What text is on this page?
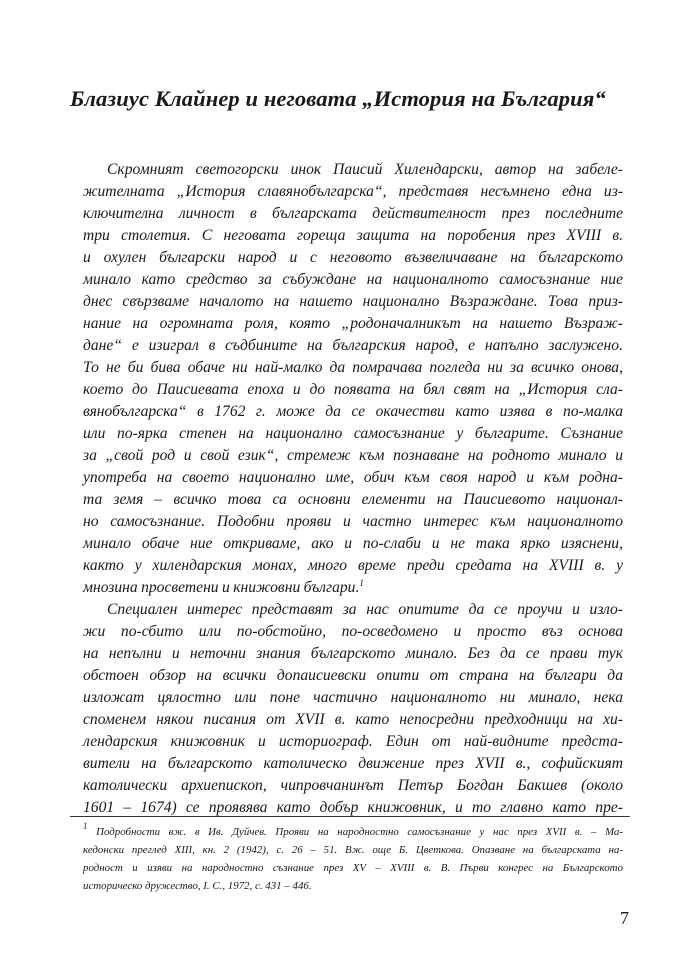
Блазиус Клайнер и неговата „История на България“
Скромният светогорски инок Паисий Хилендарски, автор на забеле-
жителната „История славянобългарска“, представя несъмнено една из-
ключителна личност в българската действителност през последните
три столетия. С неговата гореща защита на поробения през XVIII в.
и охулен български народ и с неговото възвеличаване на българското
минало като средство за събуждане на националното самосъзнание ние
днес свързваме началото на нашето национално Възраждане. Това приз-
нание на огромната роля, която „родоначалникът на нашето Възраж-
дане“ е изиграл в съдбините на българския народ, е напълно заслужено.
То не би бива обаче ни най-малко да помрачава погледа ни за всичко онова,
което до Паисиевата епоха и до появата на бял свят на „История сла-
вянобългарска“ в 1762 г. може да се окачестви като изява в по-малка
или по-ярка степен на национално самосъзнание у българите. Съзнание
за „свой род и свой език“, стремеж към познаване на родното минало и
употреба на своето национално име, обич към своя народ и към родна-
та земя – всичко това са основни елементи на Паисиевото национал-
но самосъзнание. Подобни прояви и частно интерес към националното
минало обаче ние откриваме, ако и по-слаби и не така ярко изяснени,
както у хилендарския монах, много време преди средата на XVIII в. у
мнозина просветени и книжовни българи.$^1$
Специален интерес представят за нас опитите да се проучи и изло-
жи по-сбито или по-обстойно, по-осведомено и просто въз основа
на непълни и неточни знания българското минало. Без да се прави тук
обстоен обзор на всички допаисиевски опити от страна на българи да
изложат цялостно или поне частично националното ни минало, нека
споменем някои писания от XVII в. като непосредни предходници на хи-
лендарския книжовник и историограф. Един от най-видните предста-
вители на българското католическо движение през XVII в., софийският
католически архиепископ, чипровчанинът Петър Богдан Бакшев (около
1601 – 1674) се проявява като добър книжовник, и то главно като пре-
$^1$ Подробности вж. в Ив. Дуйчев. Прояви на народностно самосъзнание у нас през XVII в. – Ма-
кедонски преглед XIII, кн. 2 (1942), с. 26 – 51. Вж. още Б. Цветкова. Опазване на българската на-
родност и изяви на народностно съзнание през XV – XVIII в. В. Първи конгрес на Българското
историческо дружество, I. С., 1972, с. 431 – 446.
7
